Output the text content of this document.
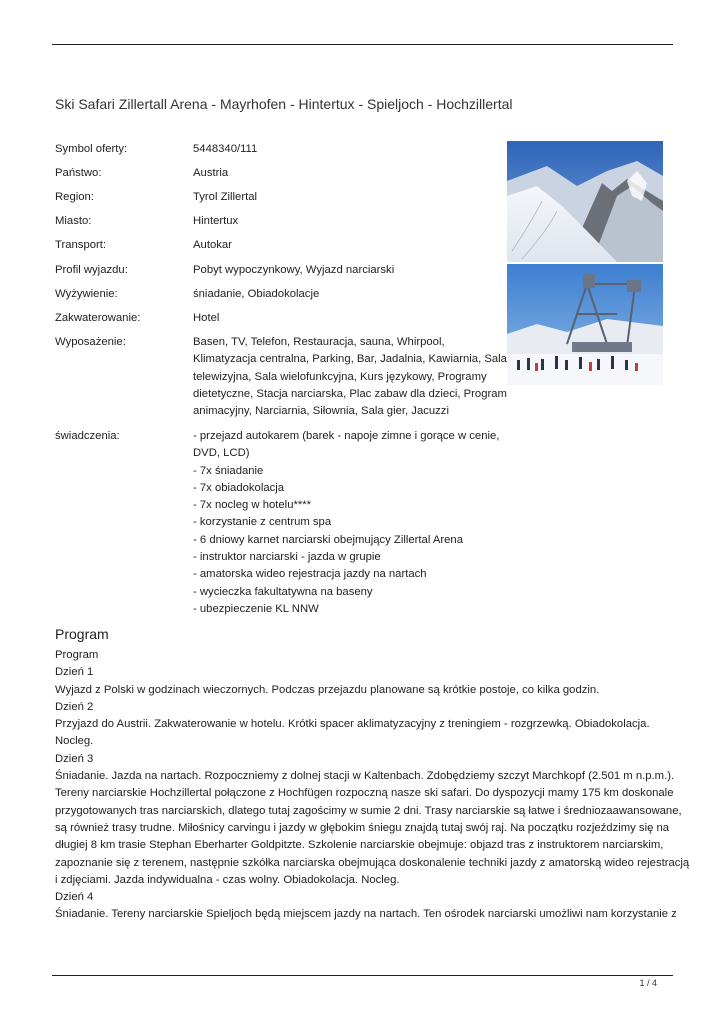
Ski Safari Zillertall Arena - Mayrhofen - Hintertux - Spieljoch - Hochzillertal
Symbol oferty:	5448340/111
Państwo:	Austria
Region:	Tyrol Zillertal
Miasto:	Hintertux
Transport:	Autokar
Profil wyjazdu:	Pobyt wypoczynkowy, Wyjazd narciarski
Wyżywienie:	śniadanie, Obiadokolacje
Zakwaterowanie:	Hotel
Wyposażenie:	Basen, TV, Telefon, Restauracja, sauna, Whirpool,
Klimatyzacja centralna, Parking, Bar, Jadalnia, Kawiarnia, Sala
telewizyjna, Sala wielofunkcyjna, Kurs językowy, Programy
dietetyczne, Stacja narciarska, Plac zabaw dla dzieci, Program
animacyjny, Narciarnia, Siłownia, Sala gier, Jacuzzi
świadczenia:	- przejazd autokarem (barek - napoje zimne i gorące w cenie,
DVD, LCD)
- 7x śniadanie
- 7x obiadokolacja
- 7x nocleg w hotelu****
- korzystanie z centrum spa
- 6 dniowy karnet narciarski obejmujący Zillertal Arena
- instruktor narciarski - jazda w grupie
- amatorska wideo rejestracja jazdy na nartach
- wycieczka fakultatywna na baseny
- ubezpieczenie KL NNW
Program
Program
Dzień 1
Wyjazd z Polski w godzinach wieczornych. Podczas przejazdu planowane są krótkie postoje, co kilka godzin.
Dzień 2
Przyjazd do Austrii. Zakwaterowanie w hotelu. Krótki spacer aklimatyzacyjny z treningiem - rozgrzewką. Obiadokolacja.
Nocleg.
Dzień 3
Śniadanie. Jazda na nartach. Rozpoczniemy z dolnej stacji w Kaltenbach. Zdobędziemy szczyt Marchkopf (2.501 m n.p.m.).
Tereny narciarskie Hochzillertal połączone z Hochfügen rozpoczną nasze ski safari. Do dyspozycji mamy 175 km doskonale
przygotowanych tras narciarskich, dlatego tutaj zagościmy w sumie 2 dni. Trasy narciarskie są łatwe i średniozaawansowane,
są również trasy trudne. Miłośnicy carvingu i jazdy w głębokim śniegu znajdą tutaj swój raj. Na początku rozjeździmy się na
długiej 8 km trasie Stephan Eberharter Goldpitzte. Szkolenie narciarskie obejmuje: objazd tras z instruktorem narciarskim,
zapoznanie się z terenem, następnie szkółka narciarska obejmująca doskonalenie techniki jazdy z amatorską wideo rejestracją
i zdjęciami. Jazda indywidualna - czas wolny. Obiadokolacja. Nocleg.
Dzień 4
Śniadanie. Tereny narciarskie Spieljoch będą miejscem jazdy na nartach. Ten ośrodek narciarski umożliwi nam korzystanie z
1 / 4
